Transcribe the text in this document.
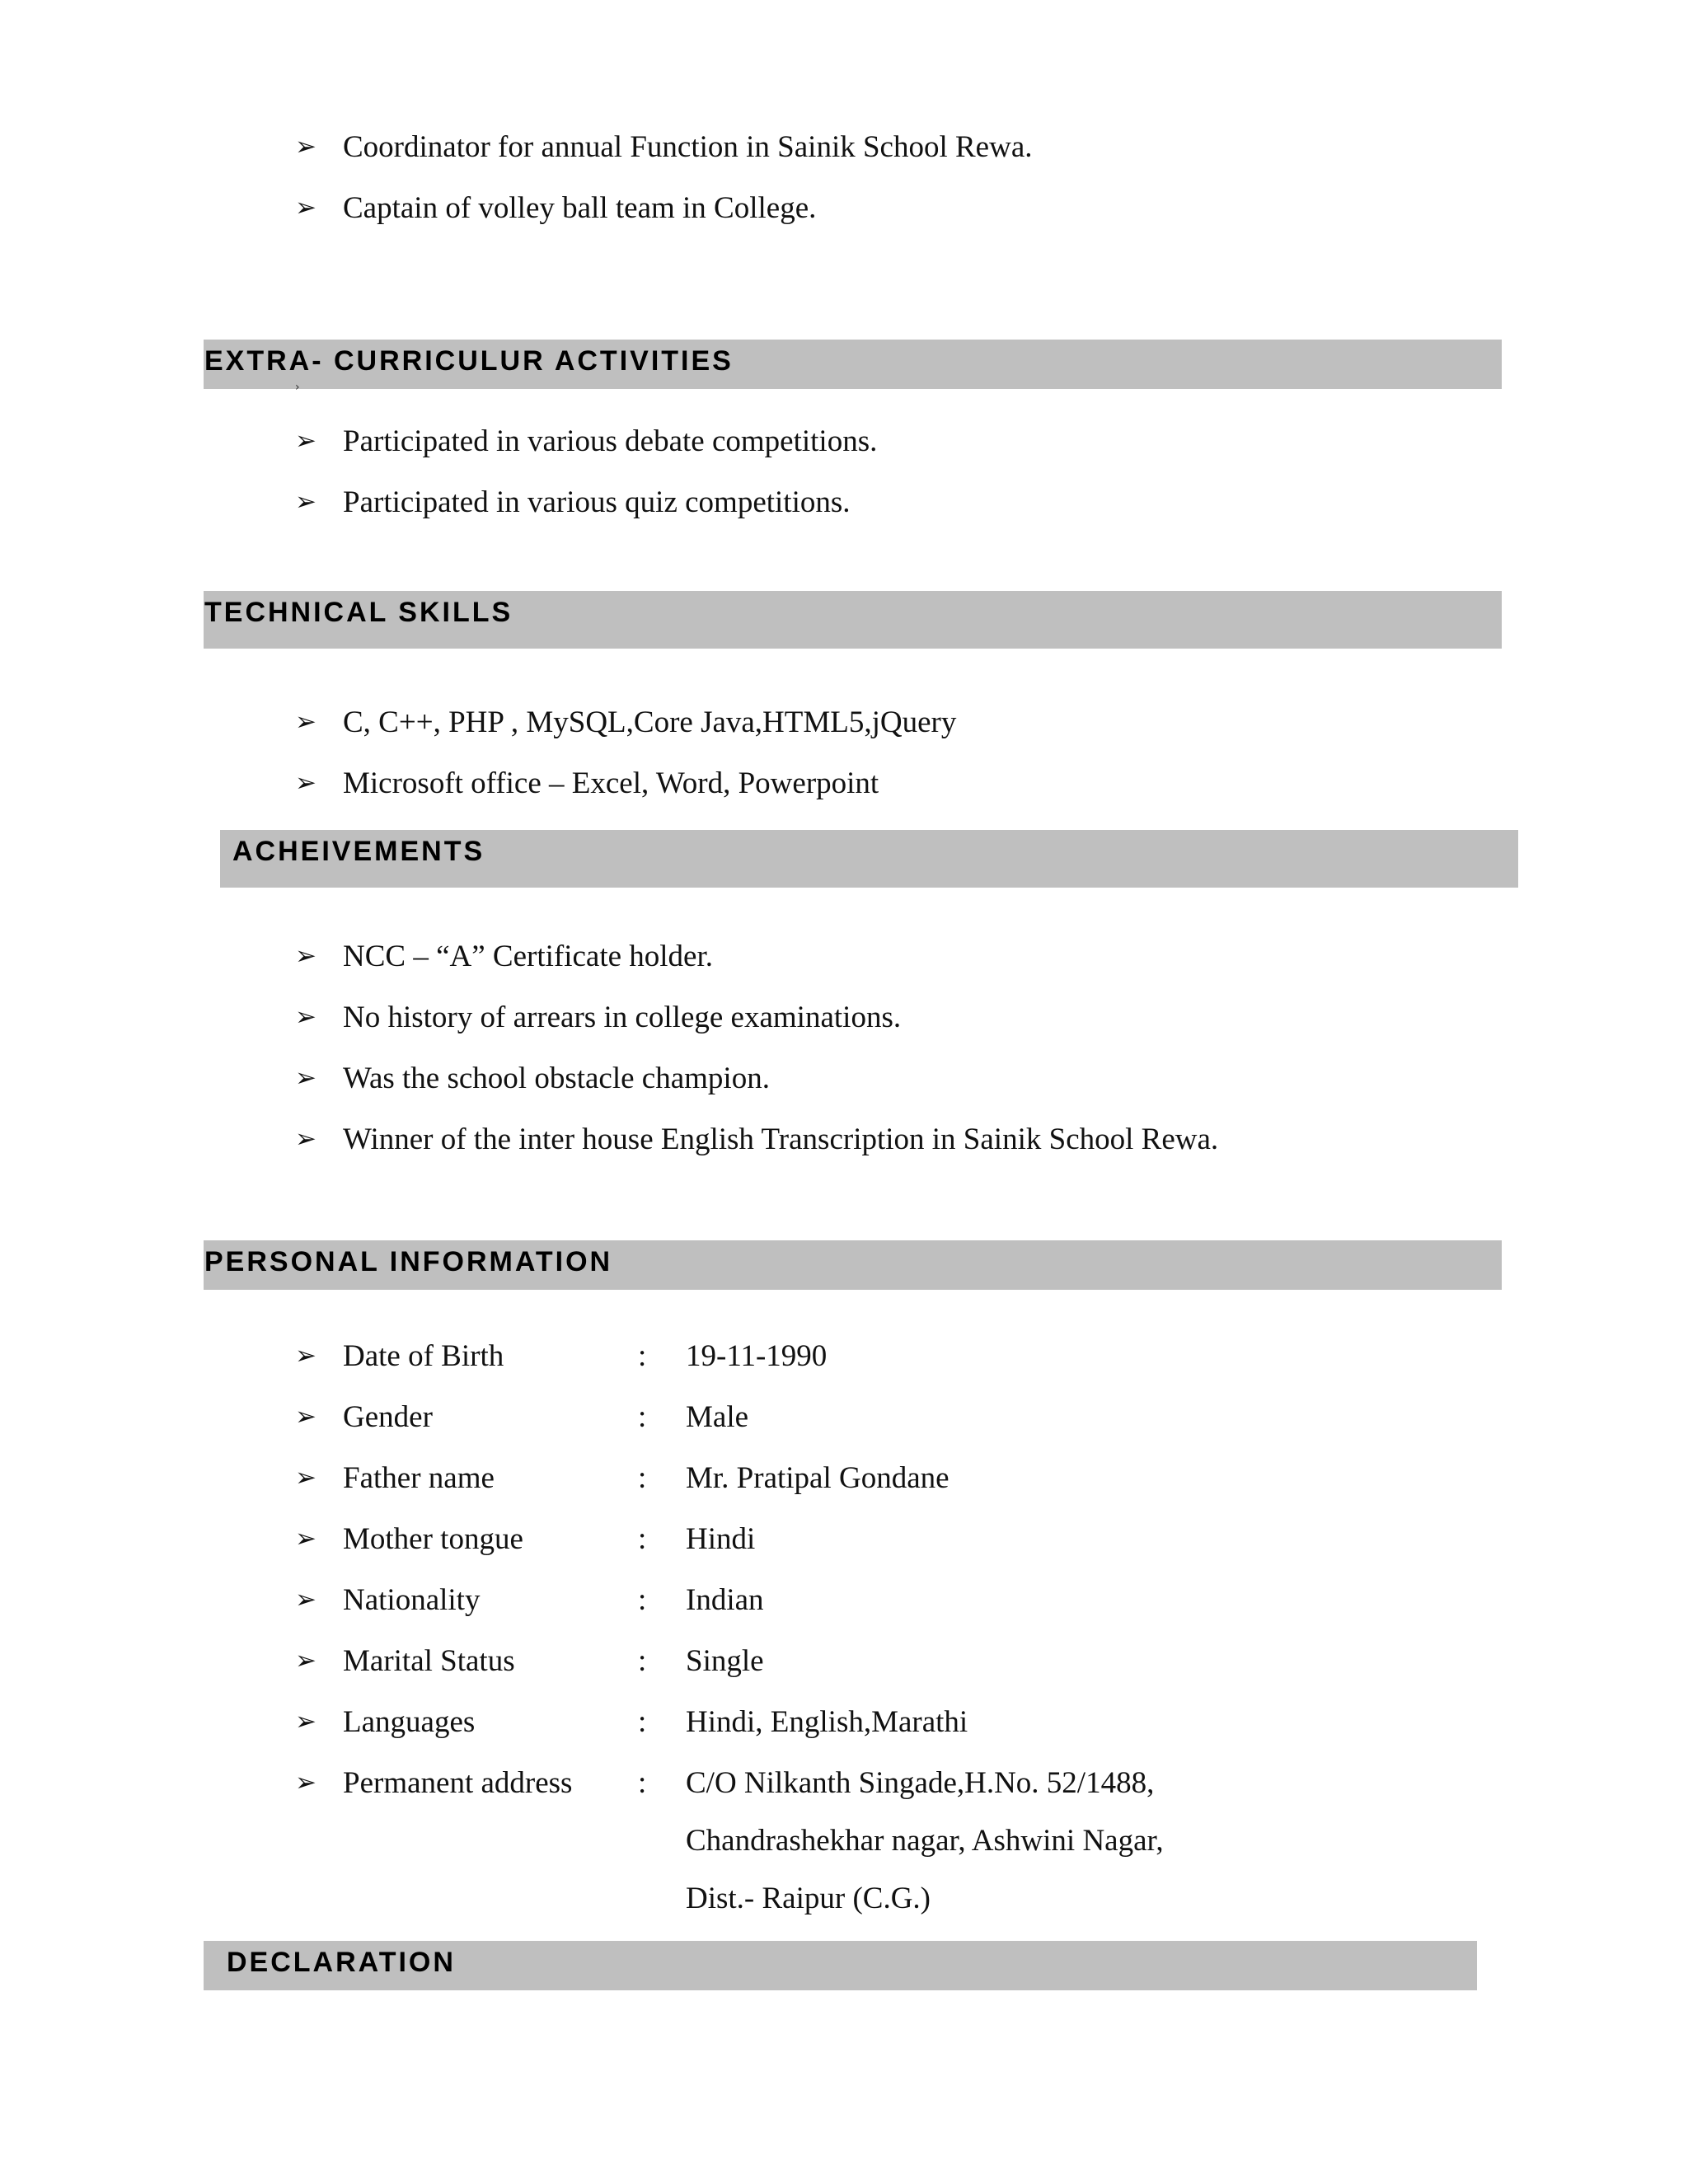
➢ Coordinator for annual Function in Sainik School Rewa.
➢ Captain of volley ball team in College.
EXTRA- CURRICULUR ACTIVITIES
›
➢ Participated in various debate competitions.
➢ Participated in various quiz competitions.
TECHNICAL SKILLS
➢ C, C++, PHP , MySQL,Core Java,HTML5,jQuery
➢ Microsoft office – Excel, Word, Powerpoint
ACHEIVEMENTS
➢ NCC – “A” Certificate holder.
➢ No history of arrears in college examinations.
➢ Was the school obstacle champion.
➢ Winner of the inter house English Transcription in Sainik School Rewa.
PERSONAL INFORMATION
➢ Date of Birth	:	19-11-1990
➢ Gender	:	Male
➢ Father name	:	Mr. Pratipal Gondane
➢ Mother tongue	:	Hindi
➢ Nationality	:	Indian
➢ Marital Status	:	Single
➢ Languages	:	Hindi, English,Marathi
➢ Permanent address	:	C/O Nilkanth Singade,H.No. 52/1488,
Chandrashekhar nagar, Ashwini Nagar,
Dist.- Raipur (C.G.)
DECLARATION
